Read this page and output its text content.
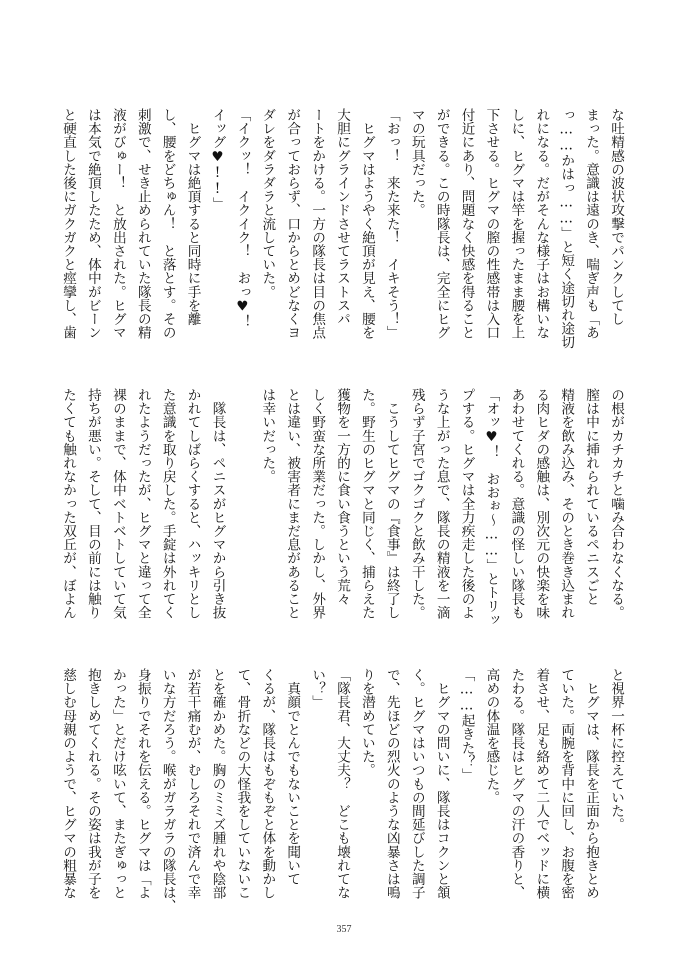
な吐精感の波状攻撃でパンクしてし

まった。意識は遠のき、喘ぎ声も「あ

っ……かはっ……」と短く途切れ途切

れになる。だがそんな様子はお構いな

しに、ヒグマは竿を握ったまま腰を上

下させる。ヒグマの膣の性感帯は入口

付近にあり、問題なく快感を得ること

ができる。この時隊長は、完全にヒグ

マの玩具だった。

「おっ！　来た来た！　イキそう！」

　ヒグマはようやく絶頂が見え、腰を

大胆にグラインドさせてラストスパ

ートをかける。一方の隊長は目の焦点

が合っておらず、口からとめどなくヨ

ダレをダラダラと流していた。

「イクッ！　イクイク！　おっ♥！

イッグ♥!!」

　ヒグマは絶頂すると同時に手を離

し、腰をどちゅん！　と落とす。その

刺激で、せき止められていた隊長の精

液がびゅー！　と放出された。ヒグマ

は本気で絶頂したため、体中がビーン

と硬直した後にガクガクと痙攣し、歯

の根がカチカチと噛み合わなくなる。

膣は中に挿れられているペニスごと

精液を飲み込み、そのとき巻き込まれ

る肉ヒダの感触は、別次元の快楽を味

あわせてくれる。意識の怪しい隊長も

「オッ♥！　おおぉ～……」とトリッ

プする。ヒグマは全力疾走した後のよ

うな上がった息で、隊長の精液を一滴

残らず子宮でゴクゴクと飲み干した。

　こうしてヒグマの『食事』は終了し

た。野生のヒグマと同じく、捕らえた

獲物を一方的に食い食うという荒々

しく野蛮な所業だった。しかし、外界

とは違い、被害者にまだ息があること

は幸いだった。

　隊長は、ペニスがヒグマから引き抜

かれてしばらくすると、ハッキリとし

た意識を取り戻した。手錠は外れてく

れたようだったが、ヒグマと違って全

裸のままで、体中ベトベトしていて気

持ちが悪い。そして、目の前には触り

たくても触れなかった双丘が、ぼよん

と視界一杯に控えていた。

　ヒグマは、隊長を正面から抱きとめ

ていた。両腕を背中に回し、お腹を密

着させ、足も絡めて二人でベッドに横

たわる。隊長はヒグマの汗の香りと、

高めの体温を感じた。

「……起きた？」

　ヒグマの問いに、隊長はコクンと頷

く。ヒグマはいつもの間延びした調子

で、先ほどの烈火のような凶暴さは鳴

りを潜めていた。

「隊長君、大丈夫？　どこも壊れてな

い？」

　真顔でとんでもないことを聞いて

くるが、隊長はもぞもぞと体を動かし

て、骨折などの大怪我をしていないこ

とを確かめた。胸のミミズ腫れや陰部

が若干痛むが、むしろそれで済んで幸

いな方だろう。喉がガラガラの隊長は、

身振りでそれを伝える。ヒグマは「よ

かった」とだけ呟いて、またぎゅっと

抱きしめてくれる。その姿は我が子を

慈しむ母親のようで、ヒグマの粗暴な

357
